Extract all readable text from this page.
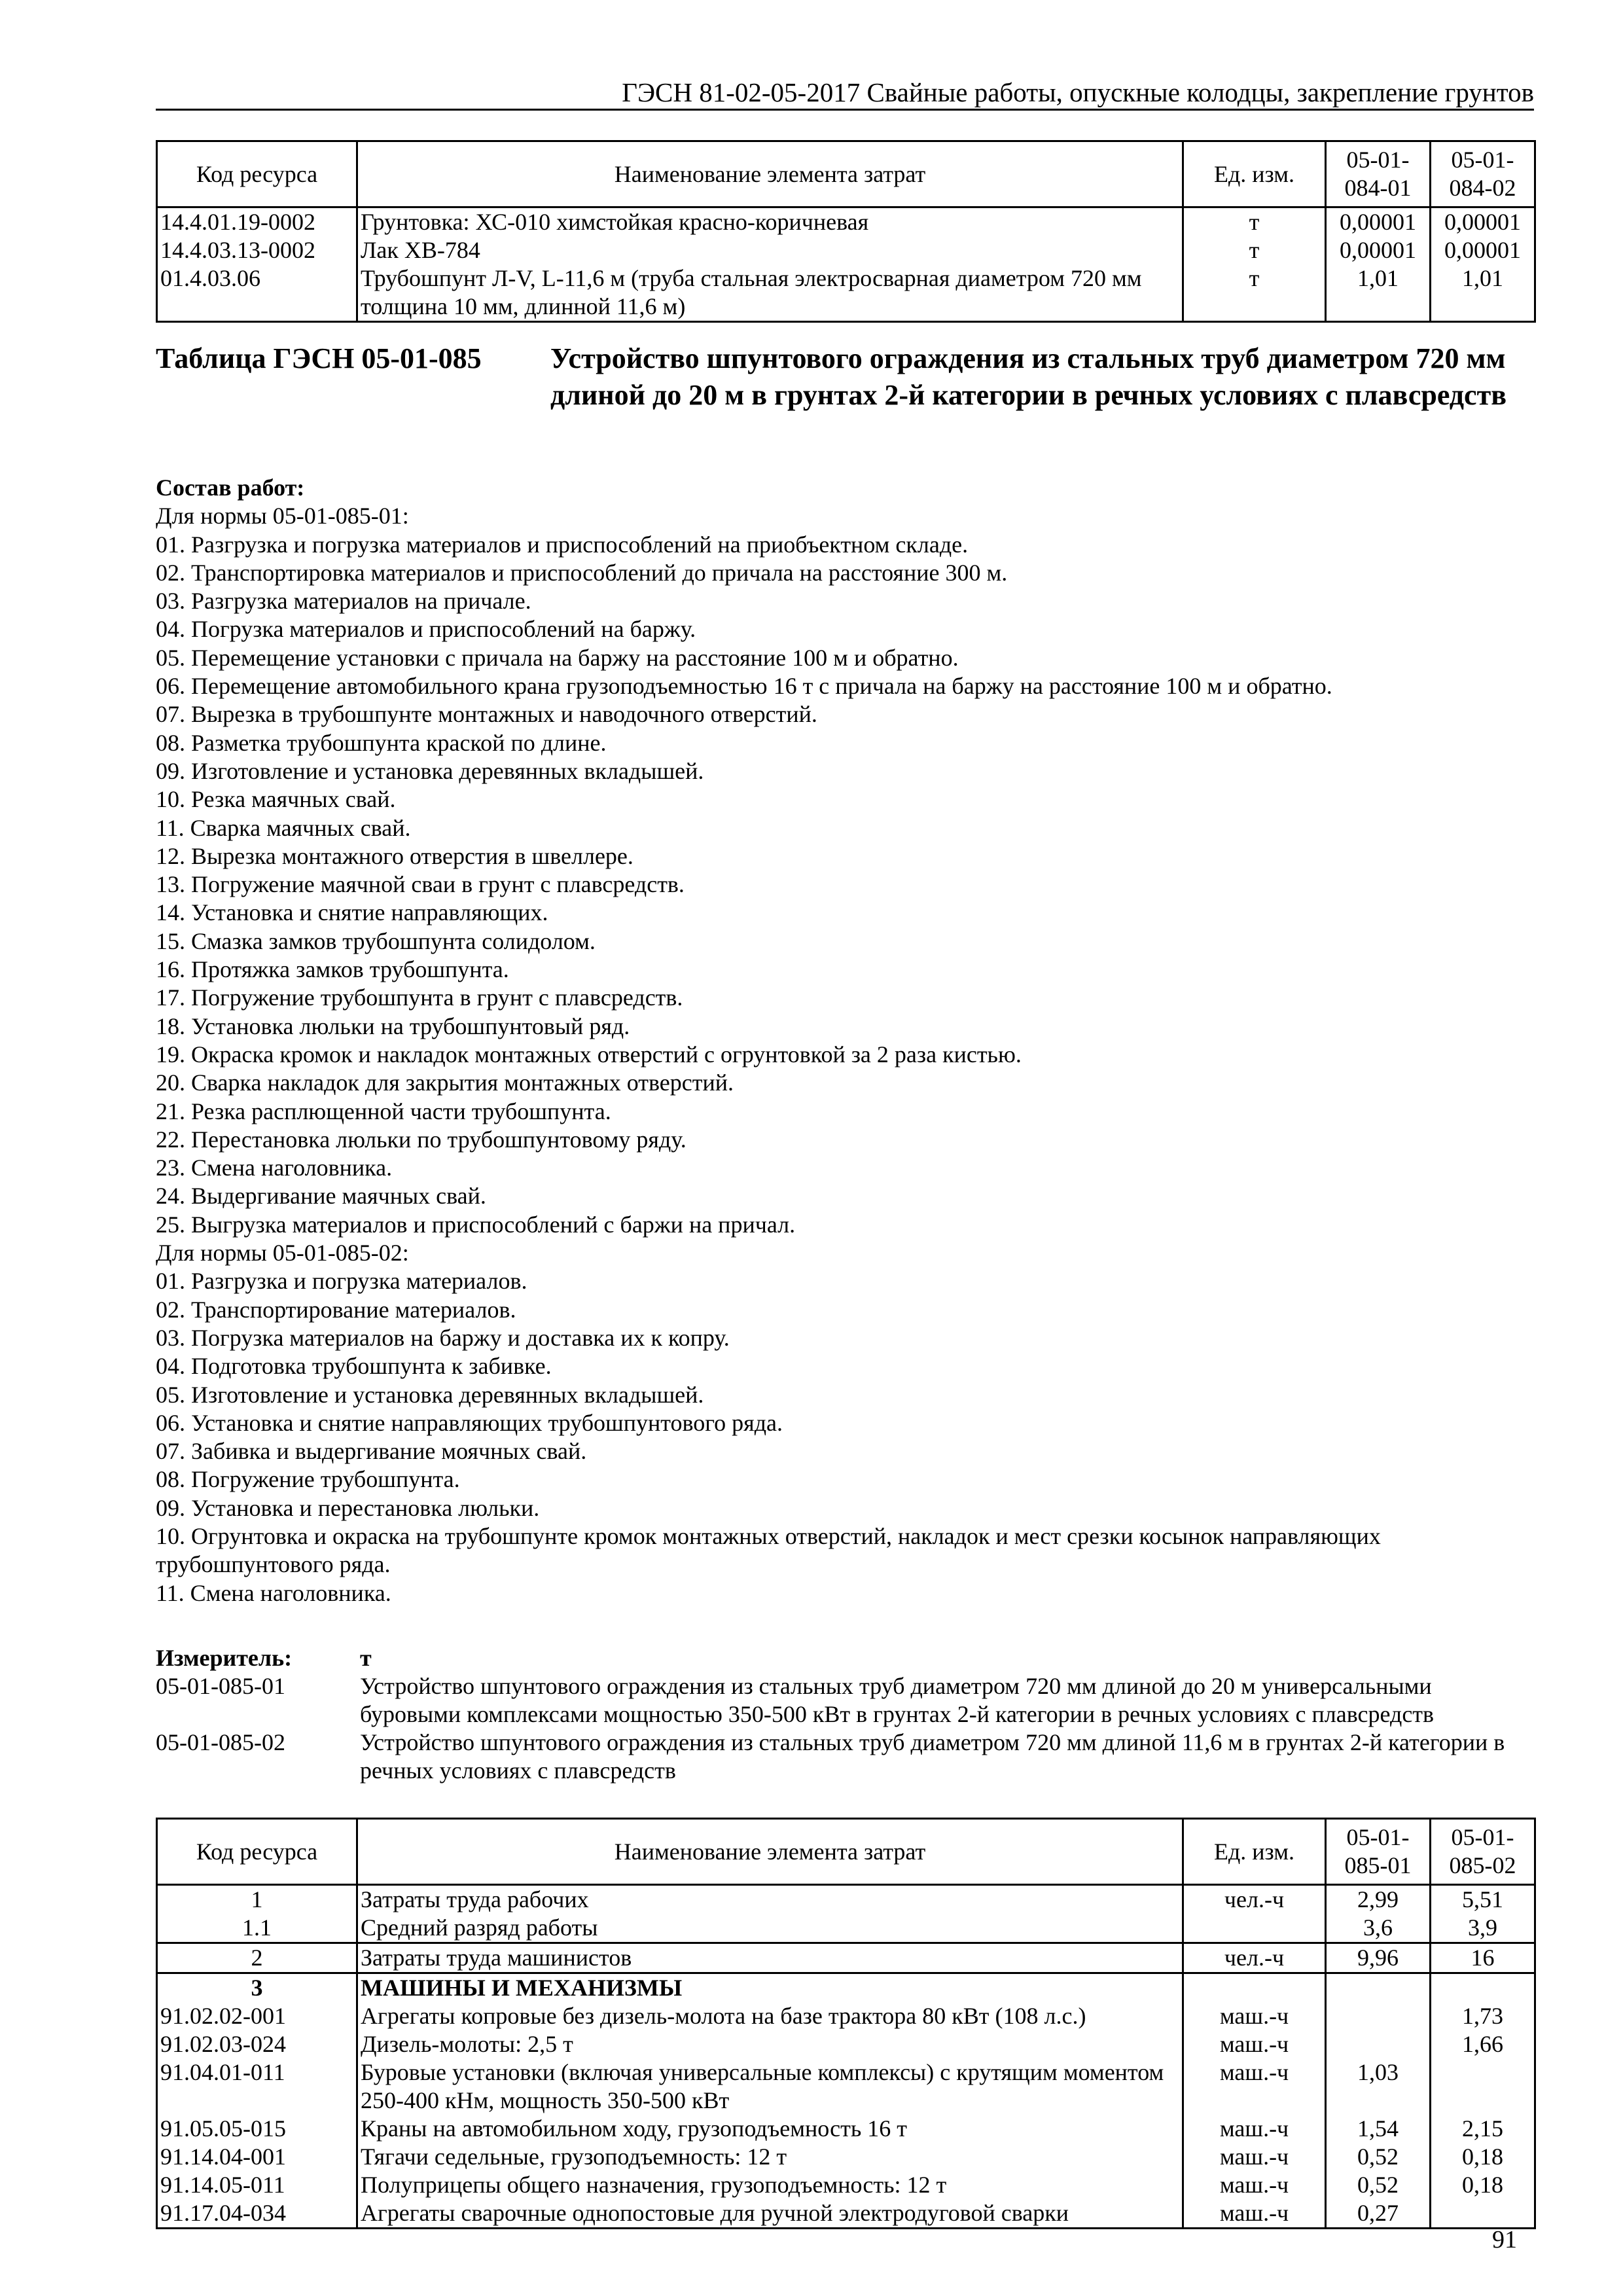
ГЭСН 81-02-05-2017 Свайные работы, опускные колодцы, закрепление грунтов
Код ресурса	Наименование элемента затрат	Ед. изм.	05-01-084-01	05-01-084-02
14.4.01.19-0002	Грунтовка: ХС-010 химстойкая красно-коричневая	т	0,00001	0,00001
14.4.03.13-0002	Лак ХВ-784	т	0,00001	0,00001
01.4.03.06	Трубошпунт Л-V, L-11,6 м (труба стальная электросварная диаметром 720 мм толщина 10 мм, длинной 11,6 м)	т	1,01	1,01
Таблица ГЭСН 05-01-085 Устройство шпунтового ограждения из стальных труб диаметром 720 мм длиной до 20 м в грунтах 2-й категории в речных условиях с плавсредств
Состав работ:
Для нормы 05-01-085-01:
01. Разгрузка и погрузка материалов и приспособлений на приобъектном складе.
02. Транспортировка материалов и приспособлений до причала на расстояние 300 м.
03. Разгрузка материалов на причале.
04. Погрузка материалов и приспособлений на баржу.
05. Перемещение установки с причала на баржу на расстояние 100 м и обратно.
06. Перемещение автомобильного крана грузоподъемностью 16 т с причала на баржу на расстояние 100 м и обратно.
07. Вырезка в трубошпунте монтажных и наводочного отверстий.
08. Разметка трубошпунта краской по длине.
09. Изготовление и установка деревянных вкладышей.
10. Резка маячных свай.
11. Сварка маячных свай.
12. Вырезка монтажного отверстия в швеллере.
13. Погружение маячной сваи в грунт с плавсредств.
14. Установка и снятие направляющих.
15. Смазка замков трубошпунта солидолом.
16. Протяжка замков трубошпунта.
17. Погружение трубошпунта в грунт с плавсредств.
18. Установка люльки на трубошпунтовый ряд.
19. Окраска кромок и накладок монтажных отверстий с огрунтовкой за 2 раза кистью.
20. Сварка накладок для закрытия монтажных отверстий.
21. Резка расплющенной части трубошпунта.
22. Перестановка люльки по трубошпунтовому ряду.
23. Смена наголовника.
24. Выдергивание маячных свай.
25. Выгрузка материалов и приспособлений с баржи на причал.
Для нормы 05-01-085-02:
01. Разгрузка и погрузка материалов.
02. Транспортирование материалов.
03. Погрузка материалов на баржу и доставка их к копру.
04. Подготовка трубошпунта к забивке.
05. Изготовление и установка деревянных вкладышей.
06. Установка и снятие направляющих трубошпунтового ряда.
07. Забивка и выдергивание моячных свай.
08. Погружение трубошпунта.
09. Установка и перестановка люльки.
10. Огрунтовка и окраска на трубошпунте кромок монтажных отверстий, накладок и мест срезки косынок направляющих трубошпунтового ряда.
11. Смена наголовника.
Измеритель:	т
05-01-085-01	Устройство шпунтового ограждения из стальных труб диаметром 720 мм длиной до 20 м универсальными буровыми комплексами мощностью 350-500 кВт в грунтах 2-й категории в речных условиях с плавсредств
05-01-085-02	Устройство шпунтового ограждения из стальных труб диаметром 720 мм длиной 11,6 м в грунтах 2-й категории в речных условиях с плавсредств
Код ресурса	Наименование элемента затрат	Ед. изм.	05-01-085-01	05-01-085-02
1	Затраты труда рабочих	чел.-ч	2,99	5,51
1.1	Средний разряд работы		3,6	3,9
2	Затраты труда машинистов	чел.-ч	9,96	16
3	МАШИНЫ И МЕХАНИЗМЫ			
91.02.02-001	Агрегаты копровые без дизель-молота на базе трактора 80 кВт (108 л.с.)	маш.-ч		1,73
91.02.03-024	Дизель-молоты: 2,5 т	маш.-ч		1,66
91.04.01-011	Буровые установки (включая универсальные комплексы) с крутящим моментом 250-400 кНм, мощность 350-500 кВт	маш.-ч	1,03	
91.05.05-015	Краны на автомобильном ходу, грузоподъемность 16 т	маш.-ч	1,54	2,15
91.14.04-001	Тягачи седельные, грузоподъемность: 12 т	маш.-ч	0,52	0,18
91.14.05-011	Полуприцепы общего назначения, грузоподъемность: 12 т	маш.-ч	0,52	0,18
91.17.04-034	Агрегаты сварочные однопостовые для ручной электродуговой сварки	маш.-ч	0,27	
91
